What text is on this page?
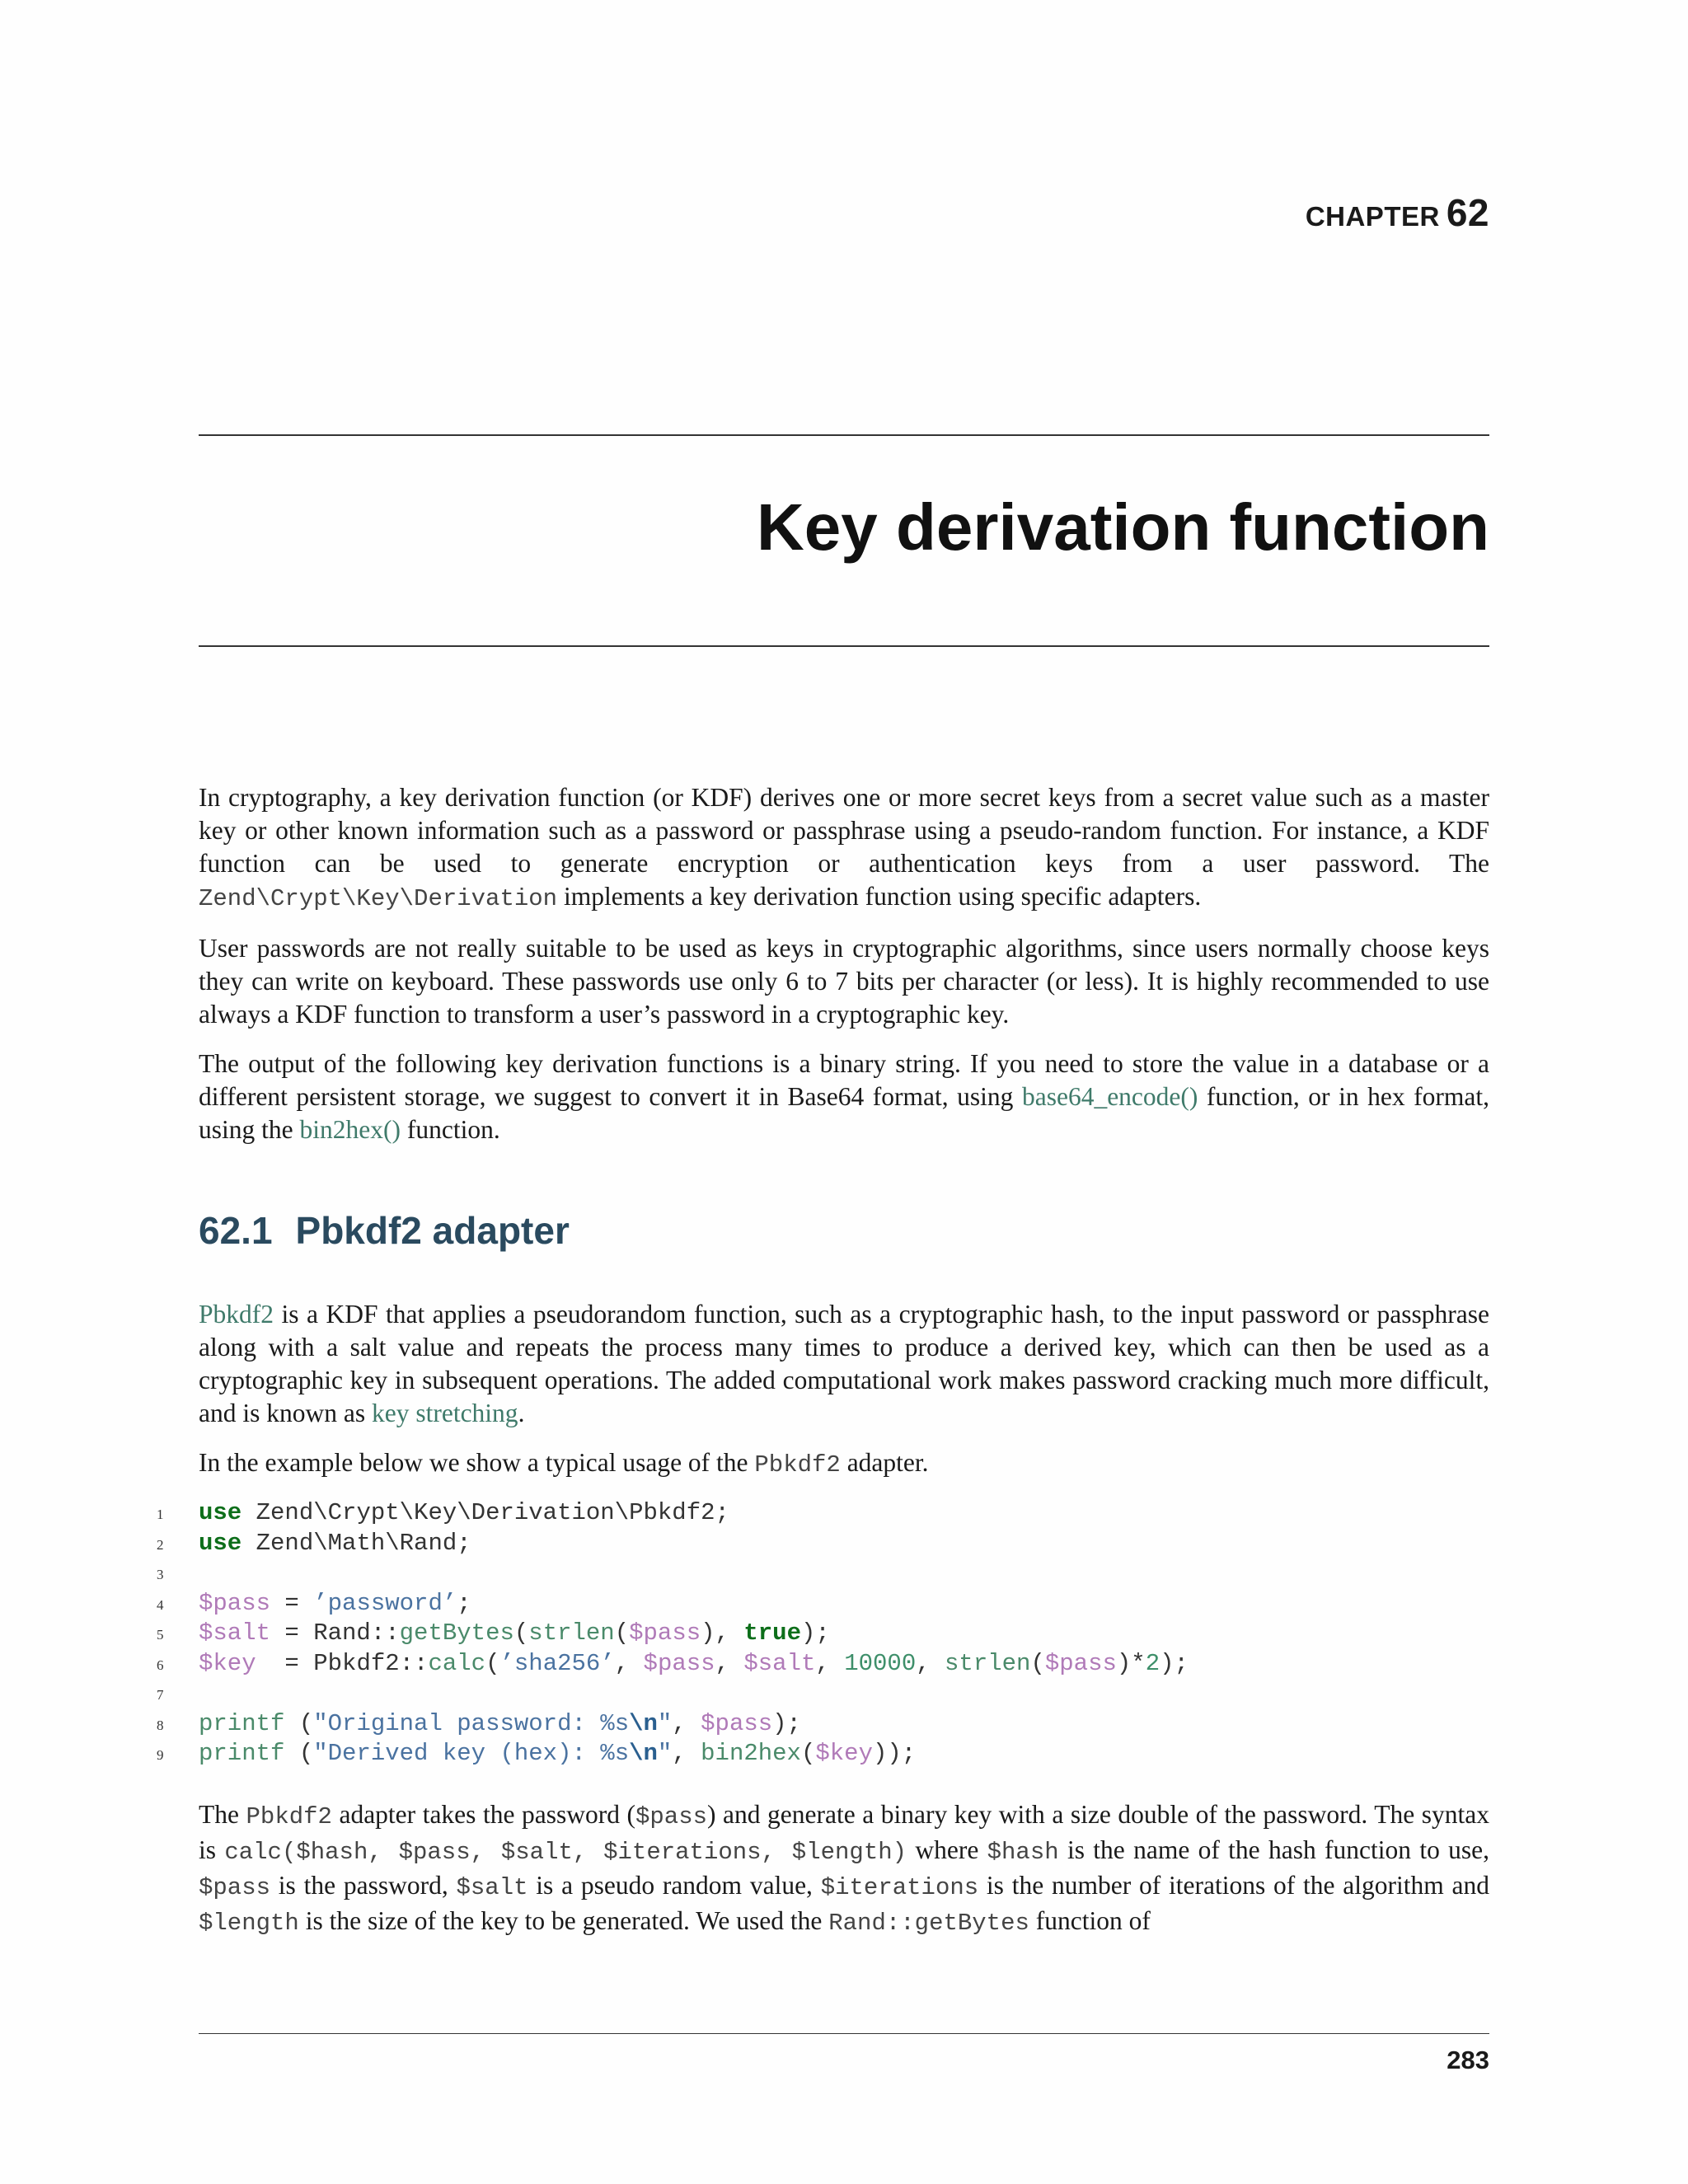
CHAPTER 62
Key derivation function

In cryptography, a key derivation function (or KDF) derives one or more secret keys from a secret value such as a master key or other known information such as a password or passphrase using a pseudo-random function. For instance, a KDF function can be used to generate encryption or authentication keys from a user password. The Zend\Crypt\Key\Derivation implements a key derivation function using specific adapters.

User passwords are not really suitable to be used as keys in cryptographic algorithms, since users normally choose keys they can write on keyboard. These passwords use only 6 to 7 bits per character (or less). It is highly recommended to use always a KDF function to transform a user’s password in a cryptographic key.

The output of the following key derivation functions is a binary string. If you need to store the value in a database or a different persistent storage, we suggest to convert it in Base64 format, using base64_encode() function, or in hex format, using the bin2hex() function.

62.1 Pbkdf2 adapter

Pbkdf2 is a KDF that applies a pseudorandom function, such as a cryptographic hash, to the input password or passphrase along with a salt value and repeats the process many times to produce a derived key, which can then be used as a cryptographic key in subsequent operations. The added computational work makes password cracking much more difficult, and is known as key stretching.

In the example below we show a typical usage of the Pbkdf2 adapter.

1 use Zend\Crypt\Key\Derivation\Pbkdf2;
2 use Zend\Math\Rand;
3
4 $pass = ’password’;
5 $salt = Rand::getBytes(strlen($pass), true);
6 $key  = Pbkdf2::calc(’sha256’, $pass, $salt, 10000, strlen($pass)*2);
7
8 printf ("Original password: %s\n", $pass);
9 printf ("Derived key (hex): %s\n", bin2hex($key));

The Pbkdf2 adapter takes the password ($pass) and generate a binary key with a size double of the password. The syntax is calc($hash, $pass, $salt, $iterations, $length) where $hash is the name of the hash function to use, $pass is the password, $salt is a pseudo random value, $iterations is the number of iterations of the algorithm and $length is the size of the key to be generated. We used the Rand::getBytes function of

283
